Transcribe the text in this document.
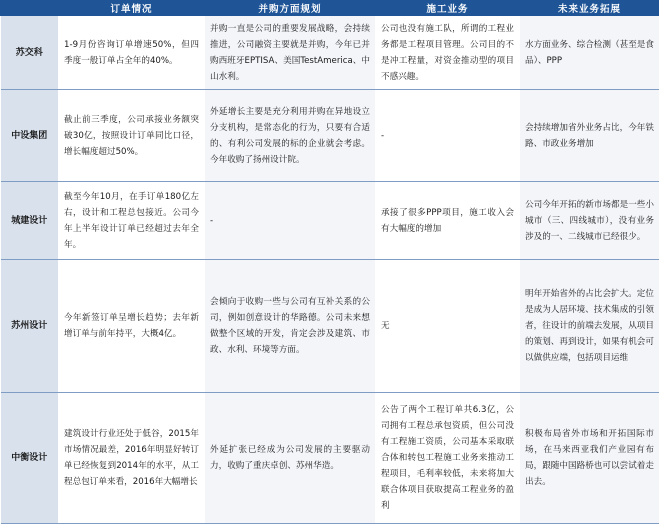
	订单情况	并购方面规划	施工业务	未来业务拓展
苏交科	1-9月份咨询订单增速50%，但四季度一般订单占全年的40%。	并购一直是公司的重要发展战略，会持续推进，公司融资主要就是并购，今年已并购西班牙EPTISA、美国TestAmerica、中山水利。	公司也没有施工队，所谓的工程业务都是工程项目管理。公司目的不是冲工程量，对资金推动型的项目不感兴趣。	水方面业务、综合检测（甚至是食品）、PPP

中设集团	截止前三季度，公司承接业务额突破30亿，按照设计订单同比口径，增长幅度超过50%。	外延增长主要是充分利用并购在异地设立分支机构，是常态化的行为，只要有合适的、有利公司发展的标的企业就会考虑。今年收购了扬州设计院。	-	会持续增加省外业务占比，今年铁路、市政业务增加

城建设计	截至今年10月，在手订单180亿左右，设计和工程总包接近。公司今年上半年设计订单已经超过去年全年。	-	承接了很多PPP项目，施工收入会有大幅度的增加	公司今年开拓的新市场都是一些小城市（三、四线城市），没有业务涉及的一、二线城市已经很少。

苏州设计	今年新签订单呈增长趋势；去年新增订单与前年持平，大概4亿。	会倾向于收购一些与公司有互补关系的公司，例如创意设计的华路德。公司未来想做整个区域的开发，肯定会涉及建筑、市政、水利、环境等方面。	无	明年开始省外的占比会扩大。定位是成为人居环境、技术集成的引领者，往设计的前端去发展，从项目的策划、再到设计，如果有机会可以做供应端，包括项目运维

中衡设计	建筑设计行业还处于低谷，2015年市场情况最差，2016年明显好转订单已经恢复到2014年的水平，从工程总包订单来看，2016年大幅增长	外延扩张已经成为公司发展的主要驱动力，收购了重庆卓创、苏州华造。	公告了两个工程订单共6.3亿，公司拥有工程总承包资质，但公司没有工程施工资质，公司基本采取联合体和转包工程施工业务来推动工程项目，毛利率较低，未来将加大联合体项目获取提高工程业务的盈利	积极布局省外市场和开拓国际市场，在马来西亚我们产业园有布局，跟随中国路桥也可以尝试着走出去。
